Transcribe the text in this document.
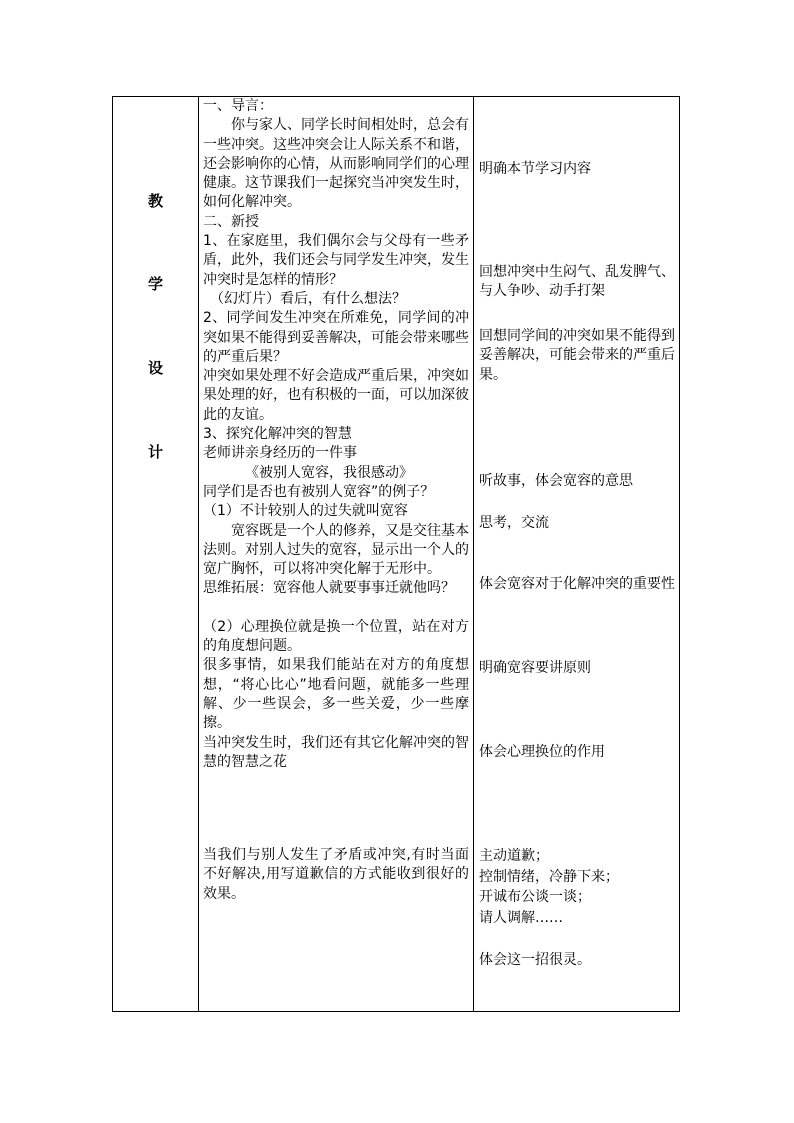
教
学
设
计

一、导言：

你与家人、同学长时间相处时，总会有一些冲突。这些冲突会让人际关系不和谐，还会影响你的心情，从而影响同学们的心理健康。这节课我们一起探究当冲突发生时，如何化解冲突。

二、新授

1、在家庭里，我们偶尔会与父母有一些矛盾，此外，我们还会与同学发生冲突，发生冲突时是怎样的情形？

（幻灯片）看后，有什么想法？

2、同学间发生冲突在所难免，同学间的冲突如果不能得到妥善解决，可能会带来哪些的严重后果？

冲突如果处理不好会造成严重后果，冲突如果处理的好，也有积极的一面，可以加深彼此的友谊。

3、探究化解冲突的智慧

老师讲亲身经历的一件事

《被别人宽容，我很感动》

同学们是否也有被别人宽容”的例子？

（1）不计较别人的过失就叫宽容

宽容既是一个人的修养，又是交往基本法则。对别人过失的宽容，显示出一个人的宽广胸怀，可以将冲突化解于无形中。

思维拓展：宽容他人就要事事迁就他吗？

（2）心理换位就是换一个位置，站在对方的角度想问题。

很多事情，如果我们能站在对方的角度想想，“将心比心”地看问题，就能多一些理解、少一些误会，多一些关爱，少一些摩擦。

当冲突发生时，我们还有其它化解冲突的智慧的智慧之花

当我们与别人发生了矛盾或冲突,有时当面不好解决,用写道歉信的方式能收到很好的效果。

明确本节学习内容
回想冲突中生闷气、乱发脾气、与人争吵、动手打架
回想同学间的冲突如果不能得到妥善解决，可能会带来的严重后果。
听故事，体会宽容的意思
思考，交流
体会宽容对于化解冲突的重要性
明确宽容要讲原则
体会心理换位的作用
主动道歉；
控制情绪，冷静下来；
开诚布公谈一谈；
请人调解……
体会这一招很灵。
